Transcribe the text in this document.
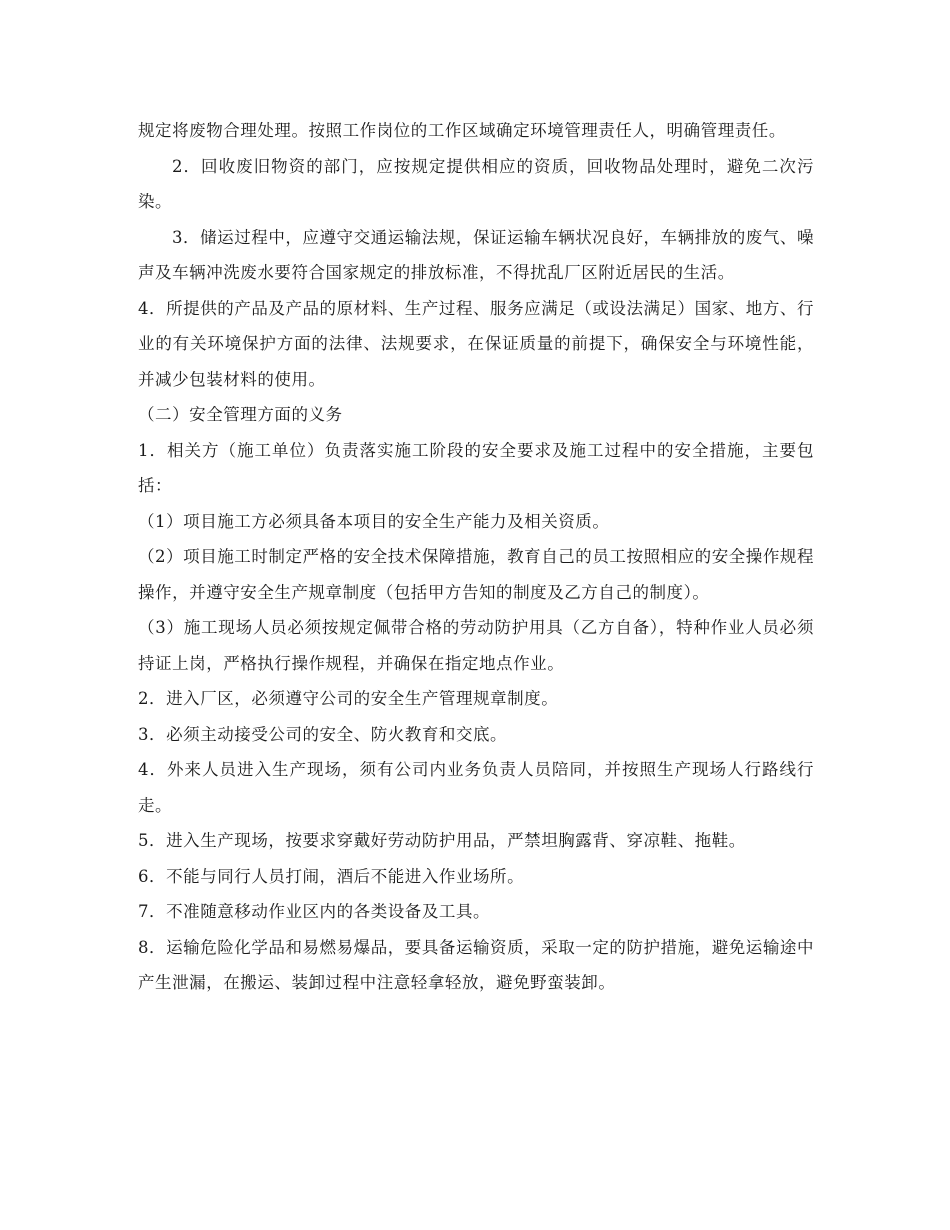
规定将废物合理处理。按照工作岗位的工作区域确定环境管理责任人，明确管理责任。

2．回收废旧物资的部门，应按规定提供相应的资质，回收物品处理时，避免二次污染。

3．储运过程中，应遵守交通运输法规，保证运输车辆状况良好，车辆排放的废气、噪声及车辆冲洗废水要符合国家规定的排放标准，不得扰乱厂区附近居民的生活。

4．所提供的产品及产品的原材料、生产过程、服务应满足（或设法满足）国家、地方、行业的有关环境保护方面的法律、法规要求，在保证质量的前提下，确保安全与环境性能，并减少包装材料的使用。

（二）安全管理方面的义务

1．相关方（施工单位）负责落实施工阶段的安全要求及施工过程中的安全措施，主要包括：

（1）项目施工方必须具备本项目的安全生产能力及相关资质。

（2）项目施工时制定严格的安全技术保障措施，教育自己的员工按照相应的安全操作规程操作，并遵守安全生产规章制度（包括甲方告知的制度及乙方自己的制度）。

（3）施工现场人员必须按规定佩带合格的劳动防护用具（乙方自备），特种作业人员必须持证上岗，严格执行操作规程，并确保在指定地点作业。

2．进入厂区，必须遵守公司的安全生产管理规章制度。

3．必须主动接受公司的安全、防火教育和交底。

4．外来人员进入生产现场，须有公司内业务负责人员陪同，并按照生产现场人行路线行走。

5．进入生产现场，按要求穿戴好劳动防护用品，严禁坦胸露背、穿凉鞋、拖鞋。

6．不能与同行人员打闹，酒后不能进入作业场所。

7．不准随意移动作业区内的各类设备及工具。

8．运输危险化学品和易燃易爆品，要具备运输资质，采取一定的防护措施，避免运输途中产生泄漏，在搬运、装卸过程中注意轻拿轻放，避免野蛮装卸。
